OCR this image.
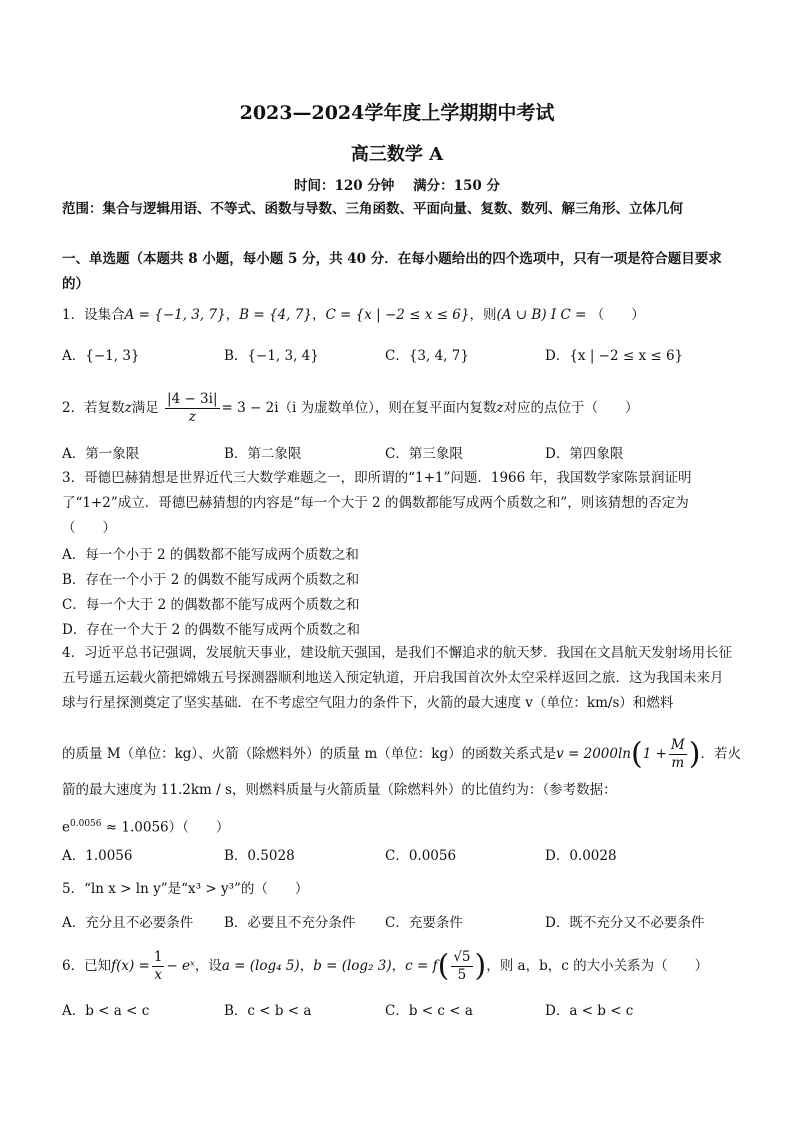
2023—2024学年度上学期期中考试
高三数学 A
时间：120 分钟    满分：150 分
范围：集合与逻辑用语、不等式、函数与导数、三角函数、平面向量、复数、数列、解三角形、立体几何
一、单选题（本题共 8 小题，每小题 5 分，共 40 分．在每小题给出的四个选项中，只有一项是符合题目要求的）
1．设集合A = {−1, 3, 7}，B = {4, 7}，C = {x | −2 ≤ x ≤ 6}，则(A ∪ B) I C = （　　）
A．{−1, 3}	B．{−1, 3, 4}	C．{3, 4, 7}	D．{x | −2 ≤ x ≤ 6}
2．若复数z满足 $\frac{|4 - 3i|}{z} = 3 - 2i(i$ 为虚数单位），则在复平面内复数z对应的点位于（　　）
A．第一象限	B．第二象限	C．第三象限	D．第四象限
3．哥德巴赫猜想是世界近代三大数学难题之一，即所谓的“1+1”问题．1966 年，我国数学家陈景润证明了“1+2”成立．哥德巴赫猜想的内容是“每一个大于 2 的偶数都能写成两个质数之和”，则该猜想的否定为（　　）
A．每一个小于 2 的偶数都不能写成两个质数之和
B．存在一个小于 2 的偶数不能写成两个质数之和
C．每一个大于 2 的偶数都不能写成两个质数之和
D．存在一个大于 2 的偶数不能写成两个质数之和
4．习近平总书记强调，发展航天事业，建设航天强国，是我们不懈追求的航天梦．我国在文昌航天发射场用长征五号遥五运载火箭把嫦娥五号探测器顺利地送入预定轨道，开启我国首次外太空采样返回之旅．这为我国未来月球与行星探测奠定了坚实基础．在不考虑空气阻力的条件下，火箭的最大速度 v（单位：km/s）和燃料
的质量 M（单位：kg）、火箭（除燃料外）的质量 m（单位：kg）的函数关系式是$v = 2000\ln(1 + \frac{M}{m}$ )．若火
箭的最大速度为 11.2km / s，则燃料质量与火箭质量（除燃料外）的比值约为：（参考数据：
$e^{0.0056} \approx 1.0056$）（　　）
A．1.0056	B．0.5028	C．0.0056	D．0.0028
5．“ln x > ln y”是“x³ > y³”的（　　）
A．充分且不必要条件 B．必要且不充分条件 C．充要条件	D．既不充分又不必要条件
6．已知$f(x) = \frac{1}{x}$ − eˣ，设a = (log₄ 5)，b = (log₂ 3)，$c = f( \frac{√5}{5}$ )，则 a，b，c 的大小关系为（　　）
A．b < a < c	B．c < b < a	C．b < c < a	D．a < b < c
